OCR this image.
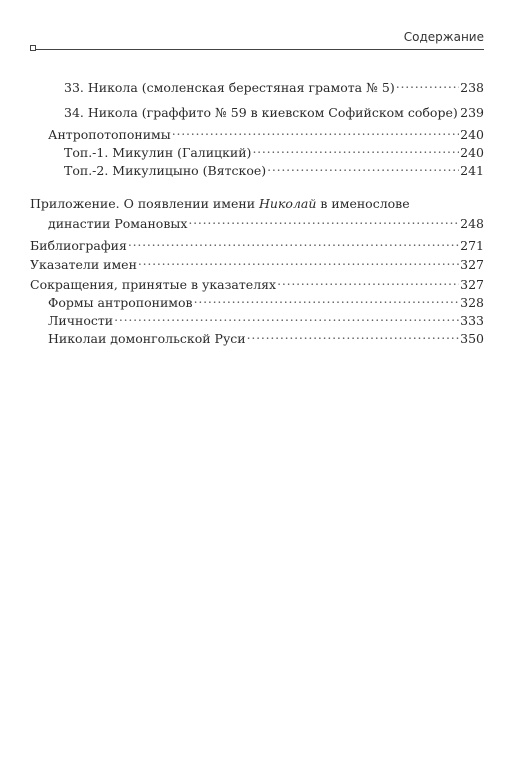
Содержание
33. Никола (смоленская берестяная грамота № 5) . . .	238
34. Никола (граффито № 59 в киевском Софийском соборе) . . . 239
Антропотопонимы . . .	240
Топ.-1. Микулин (Галицкий) . . .	240
Топ.-2. Микулицыно (Вятское) . . .	241
Приложение. О появлении имени Николай в именослове
династии Романовых . . .	248
Библиография . . .	271
Указатели имен . . .	327
Сокращения, принятые в указателях . . .	327
Формы антропонимов . . .	328
Личности . . .	333
Николаи домонгольской Руси . . .	350
